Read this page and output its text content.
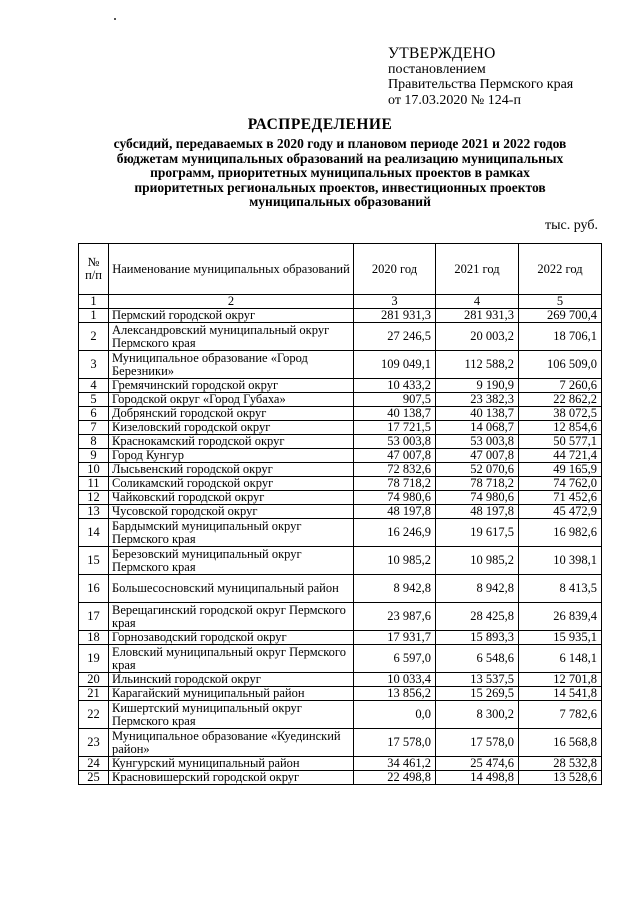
УТВЕРЖДЕНО
постановлением
Правительства Пермского края
от 17.03.2020 № 124-п
РАСПРЕДЕЛЕНИЕ
субсидий, передаваемых в 2020 году и плановом периоде 2021 и 2022 годов
бюджетам муниципальных образований на реализацию муниципальных
программ, приоритетных муниципальных проектов в рамках
приоритетных региональных проектов, инвестиционных проектов
муниципальных образований
тыс. руб.
№ п/п	Наименование муниципальных образований	2020 год	2021 год	2022 год
1	2	3	4	5
1	Пермский городской округ	281 931,3	281 931,3	269 700,4
2	Александровский муниципальный округ Пермского края	27 246,5	20 003,2	18 706,1
3	Муниципальное образование «Город Березники»	109 049,1	112 588,2	106 509,0
4	Гремячинский городской округ	10 433,2	9 190,9	7 260,6
5	Городской округ «Город Губаха»	907,5	23 382,3	22 862,2
6	Добрянский городской округ	40 138,7	40 138,7	38 072,5
7	Кизеловский городской округ	17 721,5	14 068,7	12 854,6
8	Краснокамский городской округ	53 003,8	53 003,8	50 577,1
9	Город Кунгур	47 007,8	47 007,8	44 721,4
10	Лысьвенский городской округ	72 832,6	52 070,6	49 165,9
11	Соликамский городской округ	78 718,2	78 718,2	74 762,0
12	Чайковский городской округ	74 980,6	74 980,6	71 452,6
13	Чусовской городской округ	48 197,8	48 197,8	45 472,9
14	Бардымский муниципальный округ Пермского края	16 246,9	19 617,5	16 982,6
15	Березовский муниципальный округ Пермского края	10 985,2	10 985,2	10 398,1
16	Большесосновский муниципальный район	8 942,8	8 942,8	8 413,5
17	Верещагинский городской округ Пермского края	23 987,6	28 425,8	26 839,4
18	Горнозаводский городской округ	17 931,7	15 893,3	15 935,1
19	Еловский муниципальный округ Пермского края	6 597,0	6 548,6	6 148,1
20	Ильинский городской округ	10 033,4	13 537,5	12 701,8
21	Карагайский муниципальный район	13 856,2	15 269,5	14 541,8
22	Кишертский муниципальный округ Пермского края	0,0	8 300,2	7 782,6
23	Муниципальное образование «Куединский район»	17 578,0	17 578,0	16 568,8
24	Кунгурский муниципальный район	34 461,2	25 474,6	28 532,8
25	Красновишерский городской округ	22 498,8	14 498,8	13 528,6
